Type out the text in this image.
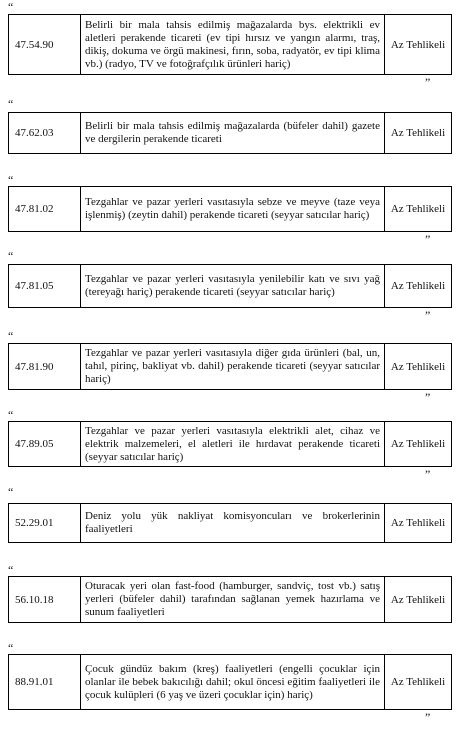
“
47.54.90
Belirli bir mala tahsis edilmiş mağazalarda bys. elektrikli ev aletleri perakende ticareti (ev tipi hırsız ve yangın alarmı, traş, dikiş, dokuma ve örgü makinesi, fırın, soba, radyatör, ev tipi klima vb.) (radyo, TV ve fotoğrafçılık ürünleri hariç)
Az Tehlikeli
”
“
47.62.03
Belirli bir mala tahsis edilmiş mağazalarda (büfeler dahil) gazete ve dergilerin perakende ticareti	Az Tehlikeli
“
47.81.02
Tezgahlar ve pazar yerleri vasıtasıyla sebze ve meyve (taze veya işlenmiş) (zeytin dahil) perakende ticareti (seyyar satıcılar hariç)	Az Tehlikeli
”
“
47.81.05
Tezgahlar ve pazar yerleri vasıtasıyla yenilebilir katı ve sıvı yağ (tereyağı hariç) perakende ticareti (seyyar satıcılar hariç)	Az Tehlikeli
”
“
47.81.90
Tezgahlar ve pazar yerleri vasıtasıyla diğer gıda ürünleri (bal, un, tahıl, pirinç, bakliyat vb. dahil) perakende ticareti (seyyar satıcılar hariç)
Az Tehlikeli
”
“
47.89.05
Tezgahlar ve pazar yerleri vasıtasıyla elektrikli alet, cihaz ve elektrik malzemeleri, el aletleri ile hırdavat perakende ticareti (seyyar satıcılar hariç)
Az Tehlikeli
”
“
52.29.01
Deniz yolu yük nakliyat komisyoncuları ve brokerlerinin faaliyetleri	Az Tehlikeli
“
56.10.18
Oturacak yeri olan fast-food (hamburger, sandviç, tost vb.) satış yerleri (büfeler dahil) tarafından sağlanan yemek hazırlama ve sunum faaliyetleri
Az Tehlikeli
“
88.91.01
Çocuk gündüz bakım (kreş) faaliyetleri (engelli çocuklar için olanlar ile bebek bakıcılığı dahil; okul öncesi eğitim faaliyetleri ile çocuk kulüpleri (6 yaş ve üzeri çocuklar için) hariç)
Az Tehlikeli
”
